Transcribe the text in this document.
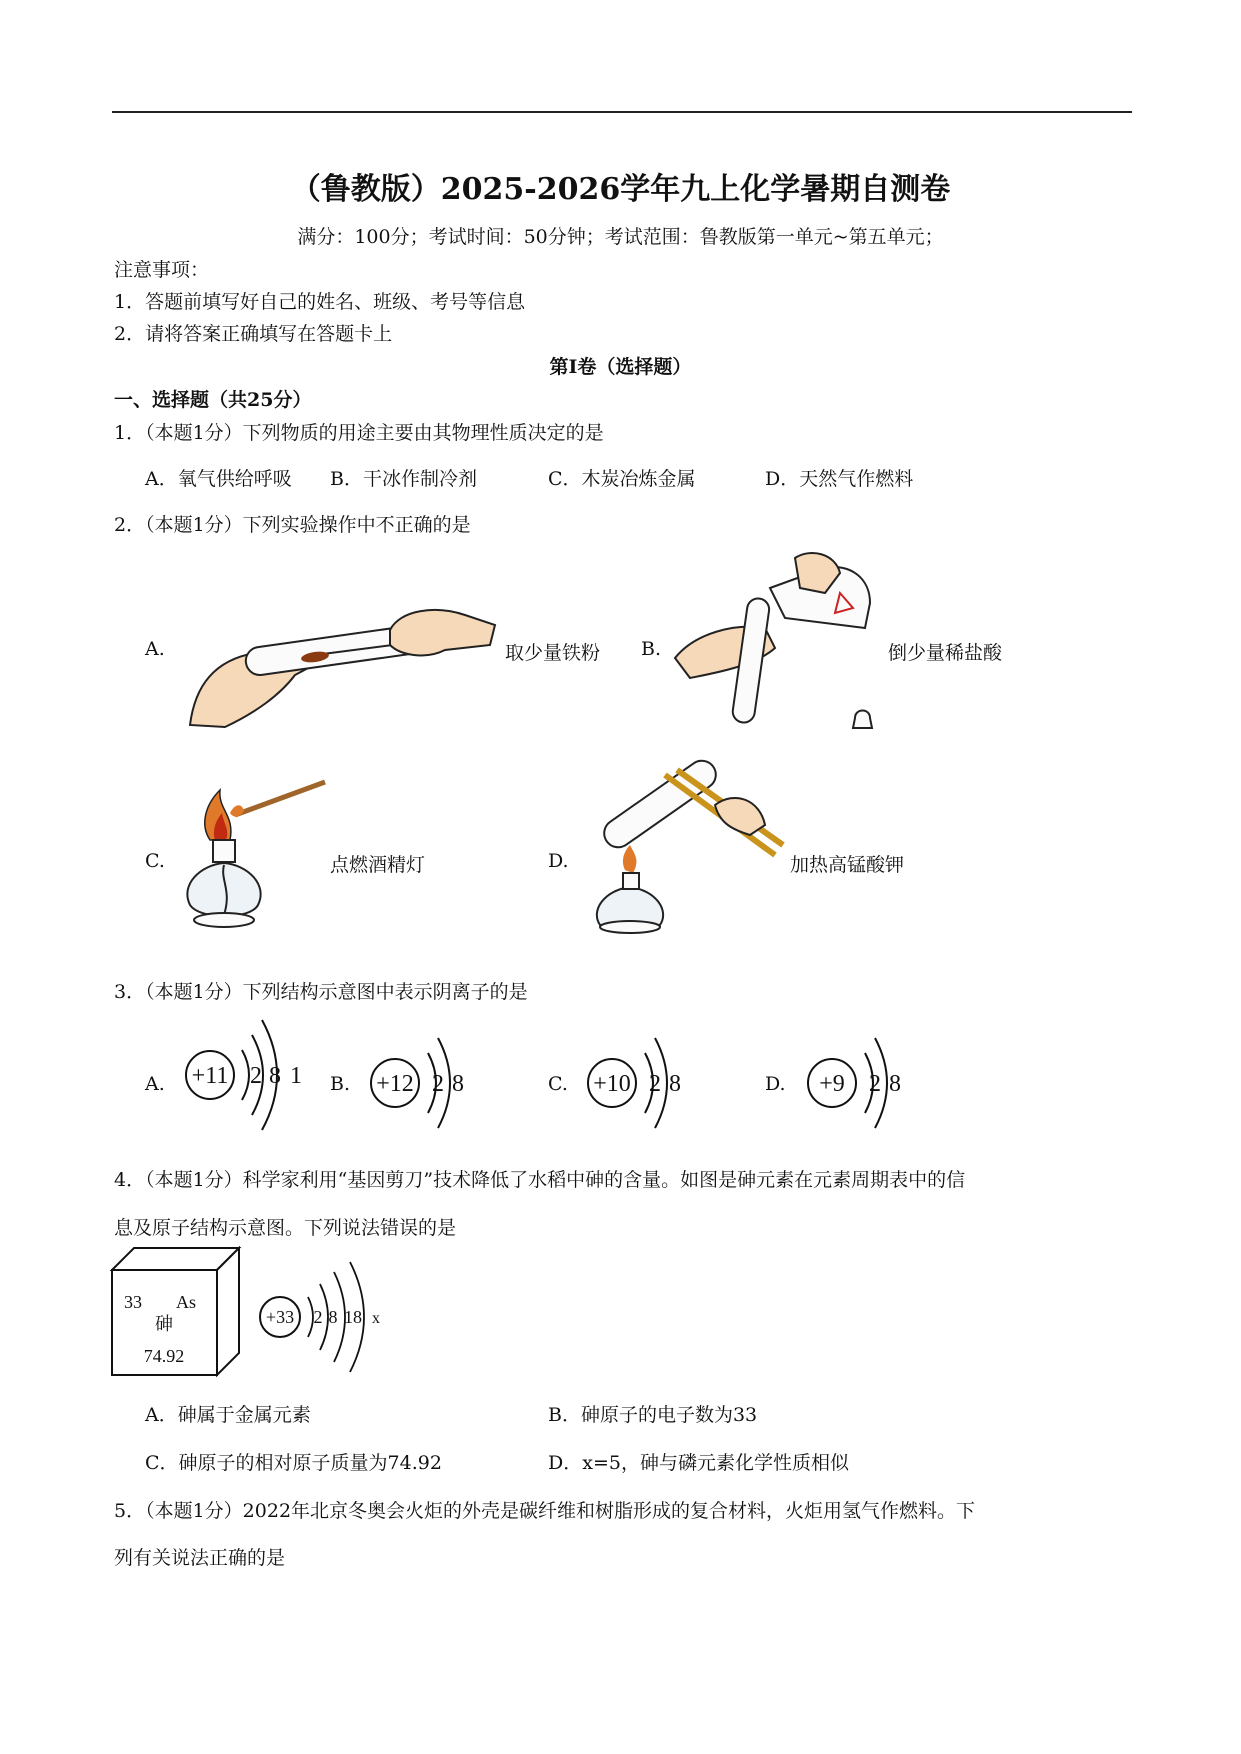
（鲁教版）2025-2026学年九上化学暑期自测卷
满分：100分；考试时间：50分钟；考试范围：鲁教版第一单元~第五单元；
注意事项：
1．答题前填写好自己的姓名、班级、考号等信息
2．请将答案正确填写在答题卡上
第I卷（选择题）
一、选择题（共25分）
1．（本题1分）下列物质的用途主要由其物理性质决定的是
A．氧气供给呼吸 B．干冰作制冷剂	C．木炭冶炼金属	D．天然气作燃料
2．（本题1分）下列实验操作中不正确的是
A.	取少量铁粉 B.	倒少量稀盐酸
C.	点燃酒精灯	D.	加热高锰酸钾
3．（本题1分）下列结构示意图中表示阴离子的是
A. +11 2 8 1 B. +12 2 8	C. +10 2 8	D. +9 2 8
4．（本题1分）科学家利用“基因剪刀”技术降低了水稻中砷的含量。如图是砷元素在元素周期表中的信
息及原子结构示意图。下列说法错误的是
33 As
砷
74.92
+33 2 8 18 x
A．砷属于金属元素	B．砷原子的电子数为33
C．砷原子的相对原子质量为74.92	D．x=5，砷与磷元素化学性质相似
5．（本题1分）2022年北京冬奥会火炬的外壳是碳纤维和树脂形成的复合材料，火炬用氢气作燃料。下
列有关说法正确的是
